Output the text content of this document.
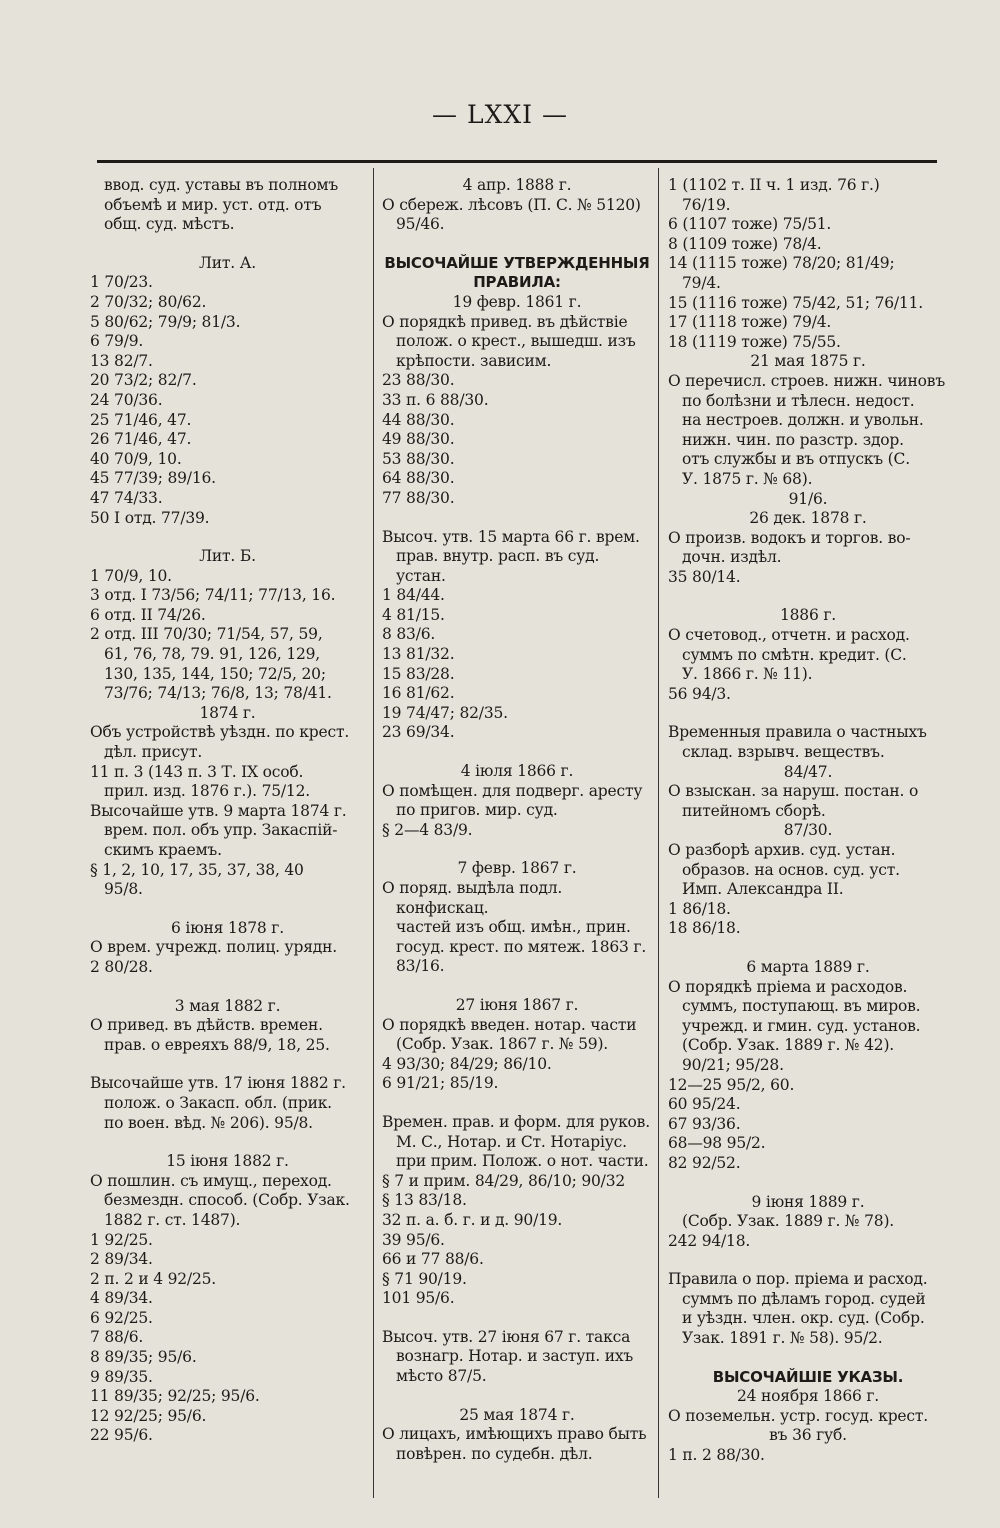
— LXXI —

ввод. суд. уставы въ полномъ

объемѣ и мир. уст. отд. отъ

общ. суд. мѣстъ.

Лит. А.

1 70/23.

2 70/32; 80/62.

5 80/62; 79/9; 81/3.

6 79/9.

13 82/7.

20 73/2; 82/7.

24 70/36.

25 71/46, 47.

26 71/46, 47.

40 70/9, 10.

45 77/39; 89/16.

47 74/33.

50 I отд. 77/39.

Лит. Б.

1 70/9, 10.

3 отд. I 73/56; 74/11; 77/13, 16.

6 отд. II 74/26.

2 отд. III 70/30; 71/54, 57, 59,

61, 76, 78, 79. 91, 126, 129,

130, 135, 144, 150; 72/5, 20;

73/76; 74/13; 76/8, 13; 78/41.

1874 г.

Объ устройствѣ уѣздн. по крест.

дѣл. присут.

11 п. 3 (143 п. 3 Т. IX особ.

прил. изд. 1876 г.). 75/12.

Высочайше утв. 9 марта 1874 г.

врем. пол. объ упр. Закаспій-

скимъ краемъ.

§ 1, 2, 10, 17, 35, 37, 38, 40

95/8.

6 іюня 1878 г.

О врем. учрежд. полиц. урядн.

2 80/28.

3 мая 1882 г.

О привед. въ дѣйств. времен.

прав. о евреяхъ 88/9, 18, 25.

Высочайше утв. 17 іюня 1882 г.

полож. о Закасп. обл. (прик.

по воен. вѣд. № 206). 95/8.

15 іюня 1882 г.

О пошлин. съ имущ., переход.

безмездн. способ. (Собр. Узак.

1882 г. ст. 1487).

1 92/25.

2 89/34.

2 п. 2 и 4 92/25.

4 89/34.

6 92/25.

7 88/6.

8 89/35; 95/6.

9 89/35.

11 89/35; 92/25; 95/6.

12 92/25; 95/6.

22 95/6.

4 апр. 1888 г.

О сбереж. лѣсовъ (П. С. № 5120)

95/46.

ВЫСОЧАЙШЕ УТВЕРЖДЕННЫЯ

ПРАВИЛА:

19 февр. 1861 г.

О порядкѣ привед. въ дѣйствіе

полож. о крест., вышедш. изъ

крѣпости. зависим.

23 88/30.

33 п. 6 88/30.

44 88/30.

49 88/30.

53 88/30.

64 88/30.

77 88/30.

Высоч. утв. 15 марта 66 г. врем.

прав. внутр. расп. въ суд. устан.

1 84/44.

4 81/15.

8 83/6.

13 81/32.

15 83/28.

16 81/62.

19 74/47; 82/35.

23 69/34.

4 іюля 1866 г.

О помѣщен. для подверг. аресту

по пригов. мир. суд.

§ 2—4 83/9.

7 февр. 1867 г.

О поряд. выдѣла подл. конфискац.

частей изъ общ. имѣн., прин.

госуд. крест. по мятеж. 1863 г.

83/16.

27 іюня 1867 г.

О порядкѣ введен. нотар. части

(Собр. Узак. 1867 г. № 59).

4 93/30; 84/29; 86/10.

6 91/21; 85/19.

Времен. прав. и форм. для руков.

М. С., Нотар. и Ст. Нотаріус.

при прим. Полож. о нот. части.

§ 7 и прим. 84/29, 86/10; 90/32

§ 13 83/18.

32 п. а. б. г. и д. 90/19.

39 95/6.

66 и 77 88/6.

§ 71 90/19.

101 95/6.

Высоч. утв. 27 іюня 67 г. такса

вознагр. Нотар. и заступ. ихъ

мѣсто 87/5.

25 мая 1874 г.

О лицахъ, имѣющихъ право быть

повѣрен. по судебн. дѣл.

1 (1102 т. II ч. 1 изд. 76 г.)

76/19.

6 (1107 тоже) 75/51.

8 (1109 тоже) 78/4.

14 (1115 тоже) 78/20; 81/49;

79/4.

15 (1116 тоже) 75/42, 51; 76/11.

17 (1118 тоже) 79/4.

18 (1119 тоже) 75/55.

21 мая 1875 г.

О перечисл. строев. нижн. чиновъ

по болѣзни и тѣлесн. недост.

на нестроев. должн. и увольн.

нижн. чин. по разстр. здор.

отъ службы и въ отпускъ (С.

У. 1875 г. № 68).

91/6.

26 дек. 1878 г.

О произв. водокъ и торгов. во-

дочн. издѣл.

35 80/14.

1886 г.

О счетовод., отчетн. и расход.

суммъ по смѣтн. кредит. (С.

У. 1866 г. № 11).

56 94/3.

Временныя правила о частныхъ

склад. взрывч. веществъ.

84/47.

О взыскан. за наруш. постан. о

питейномъ сборѣ.

87/30.

О разборѣ архив. суд. устан.

образов. на основ. суд. уст.

Имп. Александра II.

1 86/18.

18 86/18.

6 марта 1889 г.

О порядкѣ пріема и расходов.

суммъ, поступающ. въ миров.

учрежд. и гмин. суд. установ.

(Собр. Узак. 1889 г. № 42).

90/21; 95/28.

12—25 95/2, 60.

60 95/24.

67 93/36.

68—98 95/2.

82 92/52.

9 іюня 1889 г.

(Собр. Узак. 1889 г. № 78).

242 94/18.

Правила о пор. пріема и расход.

суммъ по дѣламъ город. судей

и уѣздн. член. окр. суд. (Собр.

Узак. 1891 г. № 58). 95/2.

ВЫСОЧАЙШІЕ УКАЗЫ.

24 ноября 1866 г.

О поземельн. устр. госуд. крест.

въ 36 губ.

1 п. 2 88/30.
